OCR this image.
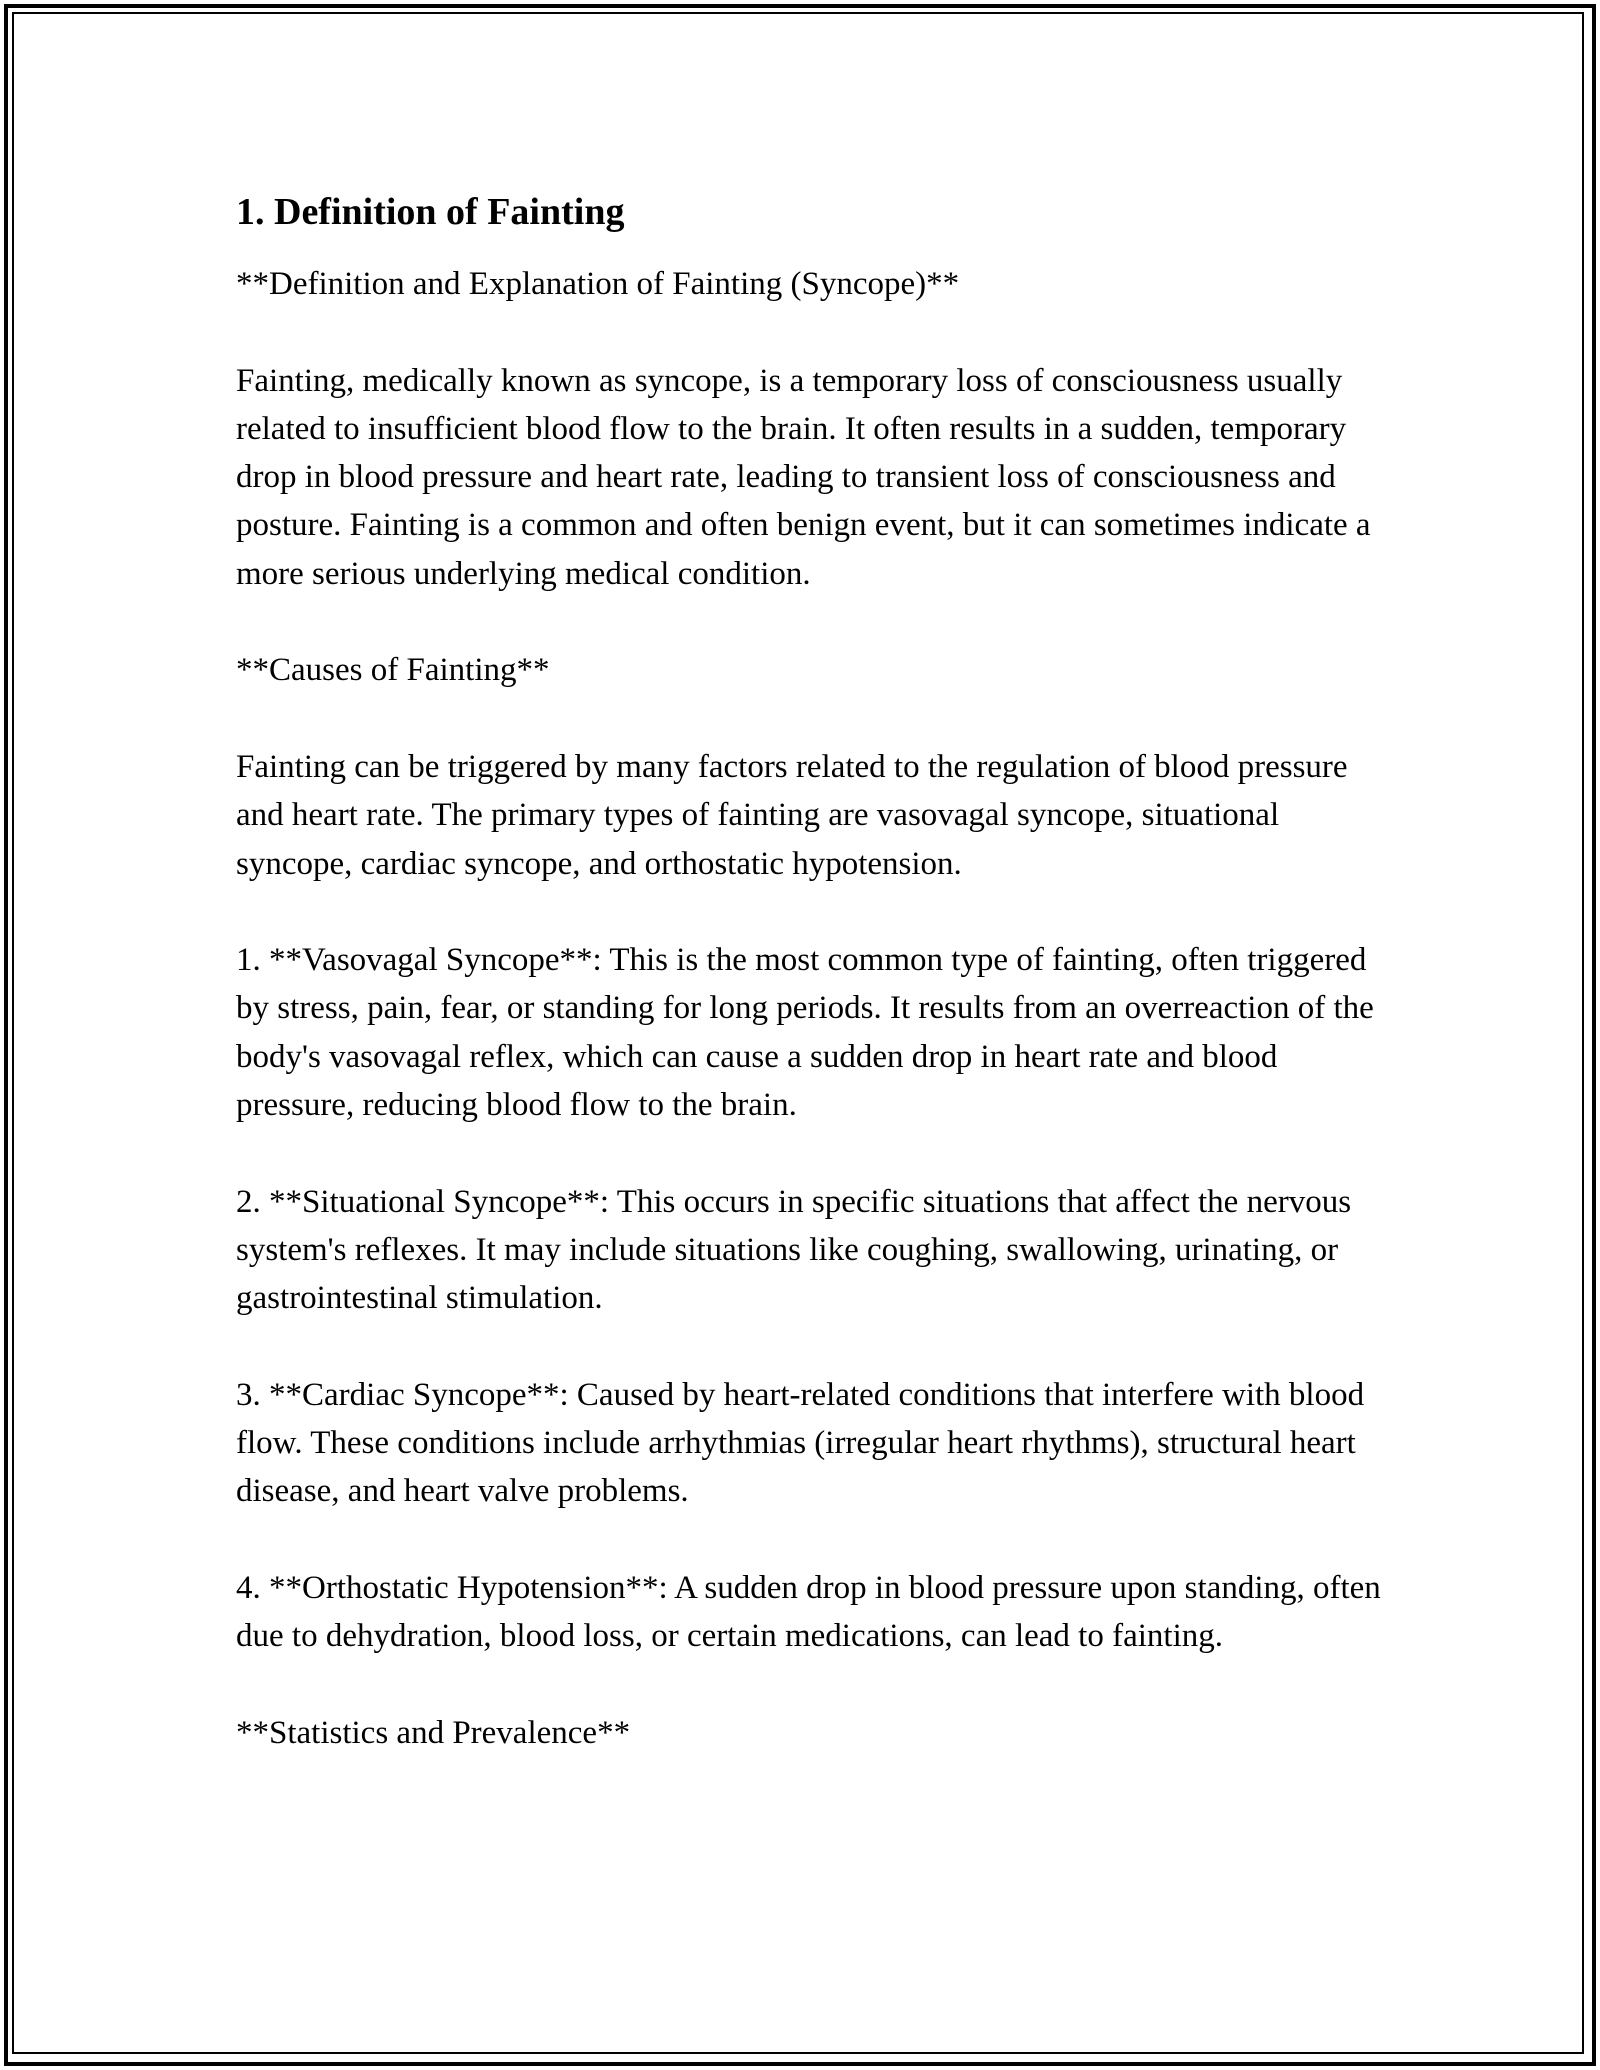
1. Definition of Fainting

**Definition and Explanation of Fainting (Syncope)**

Fainting, medically known as syncope, is a temporary loss of consciousness usually related to insufficient blood flow to the brain. It often results in a sudden, temporary drop in blood pressure and heart rate, leading to transient loss of consciousness and posture. Fainting is a common and often benign event, but it can sometimes indicate a more serious underlying medical condition.

**Causes of Fainting**

Fainting can be triggered by many factors related to the regulation of blood pressure and heart rate. The primary types of fainting are vasovagal syncope, situational syncope, cardiac syncope, and orthostatic hypotension.

1. **Vasovagal Syncope**: This is the most common type of fainting, often triggered by stress, pain, fear, or standing for long periods. It results from an overreaction of the body's vasovagal reflex, which can cause a sudden drop in heart rate and blood pressure, reducing blood flow to the brain.

2. **Situational Syncope**: This occurs in specific situations that affect the nervous system's reflexes. It may include situations like coughing, swallowing, urinating, or gastrointestinal stimulation.

3. **Cardiac Syncope**: Caused by heart-related conditions that interfere with blood flow. These conditions include arrhythmias (irregular heart rhythms), structural heart disease, and heart valve problems.

4. **Orthostatic Hypotension**: A sudden drop in blood pressure upon standing, often due to dehydration, blood loss, or certain medications, can lead to fainting.

**Statistics and Prevalence**
